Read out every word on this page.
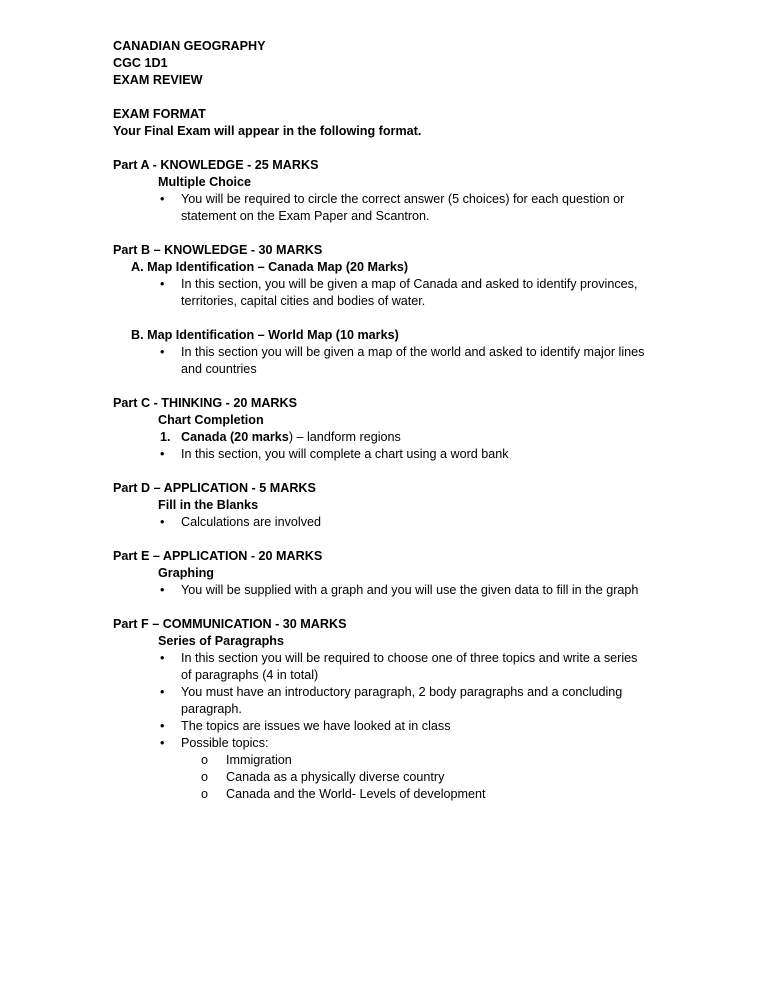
CANADIAN GEOGRAPHY
CGC 1D1
EXAM REVIEW
EXAM FORMAT
Your Final Exam will appear in the following format.
Part A - KNOWLEDGE - 25 MARKS
Multiple Choice
• You will be required to circle the correct answer (5 choices) for each question or
statement on the Exam Paper and Scantron.
Part B – KNOWLEDGE - 30 MARKS
A. Map Identification – Canada Map (20 Marks)
• In this section, you will be given a map of Canada and asked to identify provinces,
territories, capital cities and bodies of water.
B. Map Identification – World Map (10 marks)
• In this section you will be given a map of the world and asked to identify major lines
and countries
Part C - THINKING - 20 MARKS
Chart Completion
1. Canada (20 marks) – landform regions
• In this section, you will complete a chart using a word bank
Part D – APPLICATION - 5 MARKS
Fill in the Blanks
• Calculations are involved
Part E – APPLICATION - 20 MARKS
Graphing
• You will be supplied with a graph and you will use the given data to fill in the graph
Part F – COMMUNICATION - 30 MARKS
Series of Paragraphs
• In this section you will be required to choose one of three topics and write a series
of paragraphs (4 in total)
• You must have an introductory paragraph, 2 body paragraphs and a concluding
paragraph.
• The topics are issues we have looked at in class
• Possible topics:
o Immigration
o Canada as a physically diverse country
o Canada and the World- Levels of development
